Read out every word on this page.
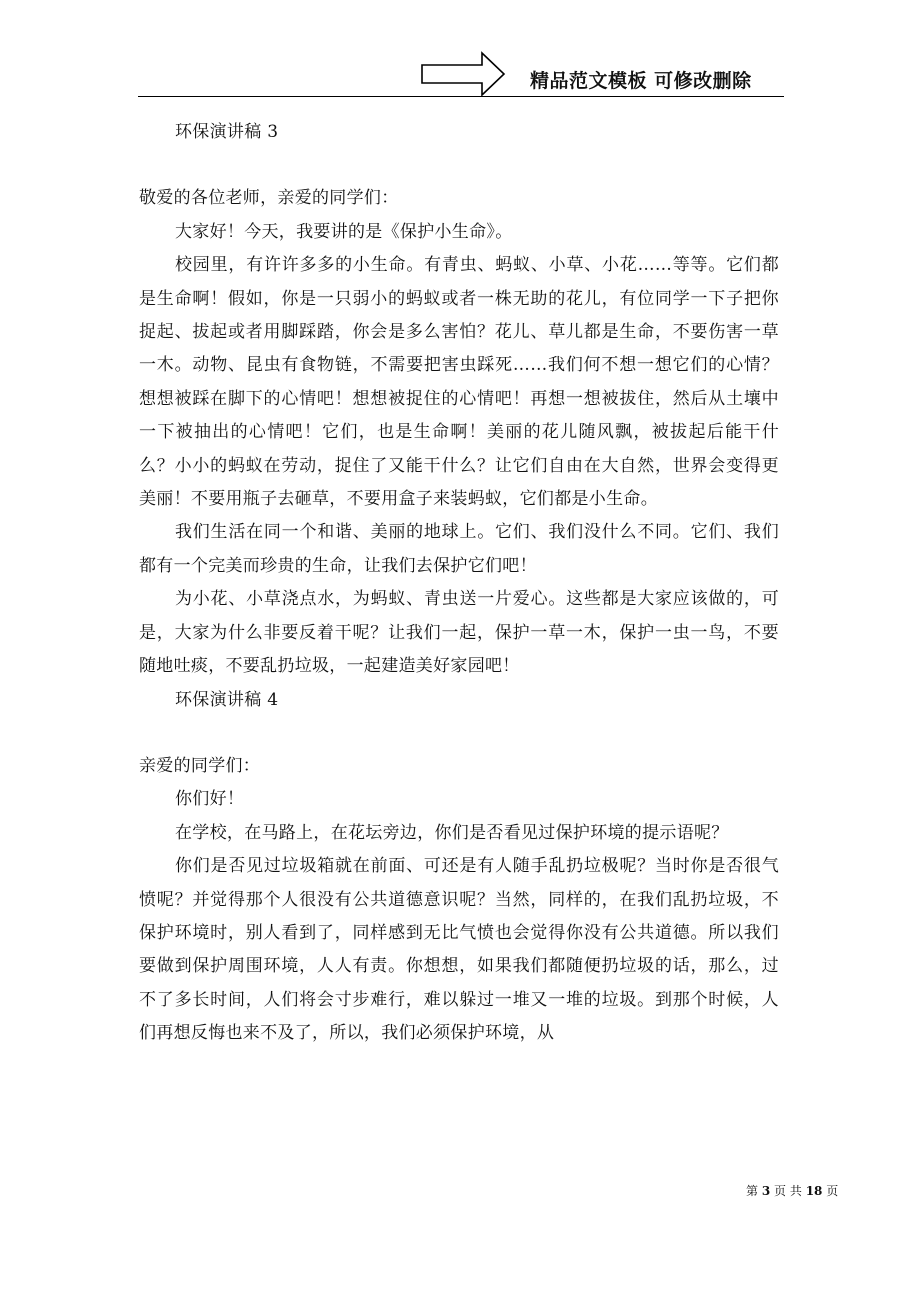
精品范文模板 可修改删除

环保演讲稿 3

敬爱的各位老师，亲爱的同学们：

大家好！今天，我要讲的是《保护小生命》。

校园里，有许许多多的小生命。有青虫、蚂蚁、小草、小花……等等。它们都是生命啊！假如，你是一只弱小的蚂蚁或者一株无助的花儿，有位同学一下子把你捉起、拔起或者用脚踩踏，你会是多么害怕？花儿、草儿都是生命，不要伤害一草一木。动物、昆虫有食物链，不需要把害虫踩死……我们何不想一想它们的心情？想想被踩在脚下的心情吧！想想被捉住的心情吧！再想一想被拔住，然后从土壤中一下被抽出的心情吧！它们，也是生命啊！美丽的花儿随风飘，被拔起后能干什么？小小的蚂蚁在劳动，捉住了又能干什么？让它们自由在大自然，世界会变得更美丽！不要用瓶子去砸草，不要用盒子来装蚂蚁，它们都是小生命。

我们生活在同一个和谐、美丽的地球上。它们、我们没什么不同。它们、我们都有一个完美而珍贵的生命，让我们去保护它们吧！

为小花、小草浇点水，为蚂蚁、青虫送一片爱心。这些都是大家应该做的，可是，大家为什么非要反着干呢？让我们一起，保护一草一木，保护一虫一鸟，不要随地吐痰，不要乱扔垃圾，一起建造美好家园吧！

环保演讲稿 4

亲爱的同学们：

你们好！

在学校，在马路上，在花坛旁边，你们是否看见过保护环境的提示语呢？

你们是否见过垃圾箱就在前面、可还是有人随手乱扔垃极呢？当时你是否很气愤呢？并觉得那个人很没有公共道德意识呢？当然，同样的，在我们乱扔垃圾，不保护环境时，别人看到了，同样感到无比气愤也会觉得你没有公共道德。所以我们要做到保护周围环境，人人有责。你想想，如果我们都随便扔垃圾的话，那么，过不了多长时间，人们将会寸步难行，难以躲过一堆又一堆的垃圾。到那个时候，人们再想反悔也来不及了，所以，我们必须保护环境，从

第 3 页 共 18 页
